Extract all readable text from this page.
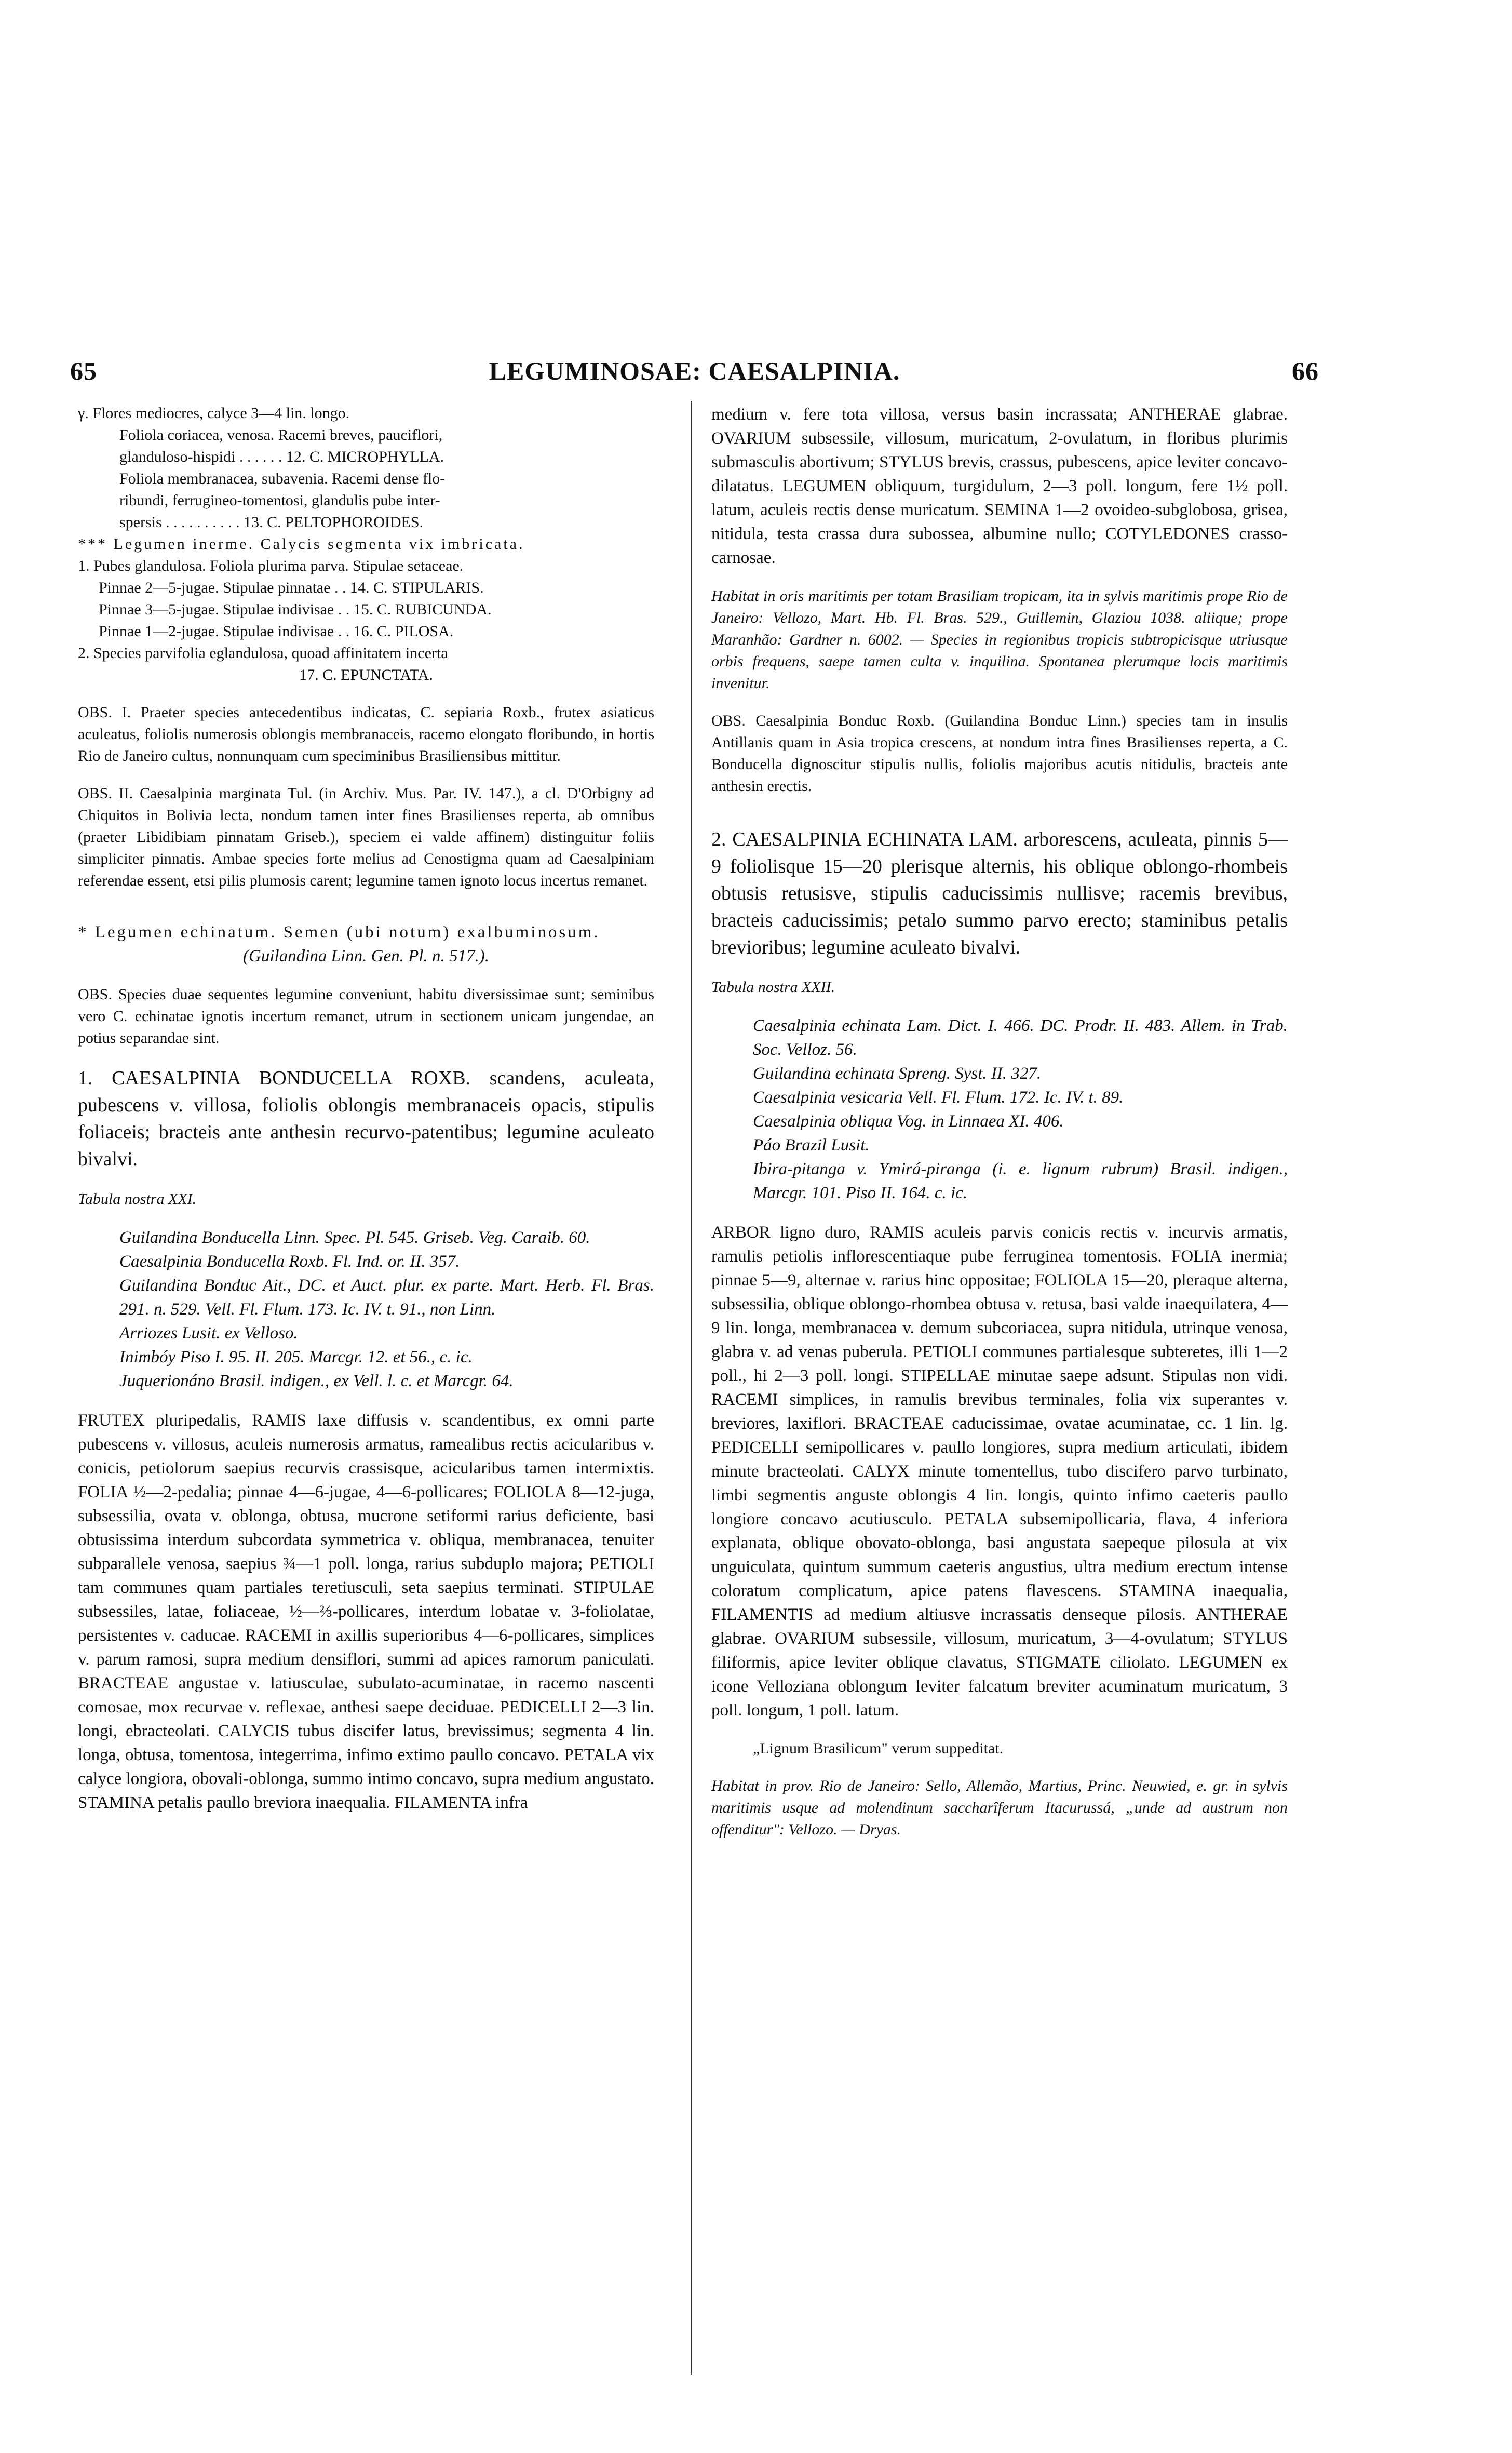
65	LEGUMINOSAE: CAESALPINIA.	66

γ. Flores mediocres, calyce 3—4 lin. longo.

Foliola coriacea, venosa. Racemi breves, pauciflori,

glanduloso-hispidi . . . . . . 12. C. MICROPHYLLA.

Foliola membranacea, subavenia. Racemi dense flo-

ribundi, ferrugineo-tomentosi, glandulis pube inter-

spersis . . . . . . . . . . 13. C. PELTOPHOROIDES.

*** Legumen inerme. Calycis segmenta vix imbricata.

1. Pubes glandulosa. Foliola plurima parva. Stipulae setaceae.

Pinnae 2—5-jugae. Stipulae pinnatae . . 14. C. STIPULARIS.

Pinnae 3—5-jugae. Stipulae indivisae . . 15. C. RUBICUNDA.

Pinnae 1—2-jugae. Stipulae indivisae . . 16. C. PILOSA.

2. Species parvifolia eglandulosa, quoad affinitatem incerta

17. C. EPUNCTATA.

OBS. I. Praeter species antecedentibus indicatas, C. sepiaria Roxb., frutex asiaticus aculeatus, foliolis numerosis oblongis membranaceis, racemo elongato floribundo, in hortis Rio de Janeiro cultus, nonnunquam cum speciminibus Brasiliensibus mittitur.

OBS. II. Caesalpinia marginata Tul. (in Archiv. Mus. Par. IV. 147.), a cl. D'Orbigny ad Chiquitos in Bolivia lecta, nondum tamen inter fines Brasilienses reperta, ab omnibus (praeter Libidibiam pinnatam Griseb.), speciem ei valde affinem) distinguitur foliis simpliciter pinnatis. Ambae species forte melius ad Cenostigma quam ad Caesalpiniam referendae essent, etsi pilis plumosis carent; legumine tamen ignoto locus incertus remanet.

* Legumen echinatum. Semen (ubi notum) exalbuminosum.

(Guilandina Linn. Gen. Pl. n. 517.).

OBS. Species duae sequentes legumine conveniunt, habitu diversissimae sunt; seminibus vero C. echinatae ignotis incertum remanet, utrum in sectionem unicam jungendae, an potius separandae sint.

1. CAESALPINIA BONDUCELLA ROXB. scandens, aculeata, pubescens v. villosa, foliolis oblongis membranaceis opacis, stipulis foliaceis; bracteis ante anthesin recurvo-patentibus; legumine aculeato bivalvi.

Tabula nostra XXI.

Guilandina Bonducella Linn. Spec. Pl. 545. Griseb. Veg. Caraib. 60.

Caesalpinia Bonducella Roxb. Fl. Ind. or. II. 357.

Guilandina Bonduc Ait., DC. et Auct. plur. ex parte. Mart. Herb. Fl. Bras. 291. n. 529. Vell. Fl. Flum. 173. Ic. IV. t. 91., non Linn.

Arriozes Lusit. ex Velloso.

Inimbóy Piso I. 95. II. 205. Marcgr. 12. et 56., c. ic.

Juquerionáno Brasil. indigen., ex Vell. l. c. et Marcgr. 64.

FRUTEX pluripedalis, RAMIS laxe diffusis v. scandentibus, ex omni parte pubescens v. villosus, aculeis numerosis armatus, ramealibus rectis acicularibus v. conicis, petiolorum saepius recurvis crassisque, acicularibus tamen intermixtis. FOLIA ½—2-pedalia; pinnae 4—6-jugae, 4—6-pollicares; FOLIOLA 8—12-juga, subsessilia, ovata v. oblonga, obtusa, mucrone setiformi rarius deficiente, basi obtusissima interdum subcordata symmetrica v. obliqua, membranacea, tenuiter subparallele venosa, saepius ¾—1 poll. longa, rarius subduplo majora; PETIOLI tam communes quam partiales teretiusculi, seta saepius terminati. STIPULAE subsessiles, latae, foliaceae, ½—⅔-pollicares, interdum lobatae v. 3-foliolatae, persistentes v. caducae. RACEMI in axillis superioribus 4—6-pollicares, simplices v. parum ramosi, supra medium densiflori, summi ad apices ramorum paniculati. BRACTEAE angustae v. latiusculae, subulato-acuminatae, in racemo nascenti comosae, mox recurvae v. reflexae, anthesi saepe deciduae. PEDICELLI 2—3 lin. longi, ebracteolati. CALYCIS tubus discifer latus, brevissimus; segmenta 4 lin. longa, obtusa, tomentosa, integerrima, infimo extimo paullo concavo. PETALA vix calyce longiora, obovali-oblonga, summo intimo concavo, supra medium angustato. STAMINA petalis paullo breviora inaequalia. FILAMENTA infra

medium v. fere tota villosa, versus basin incrassata; ANTHERAE glabrae. OVARIUM subsessile, villosum, muricatum, 2-ovulatum, in floribus plurimis submasculis abortivum; STYLUS brevis, crassus, pubescens, apice leviter concavo-dilatatus. LEGUMEN obliquum, turgidulum, 2—3 poll. longum, fere 1½ poll. latum, aculeis rectis dense muricatum. SEMINA 1—2 ovoideo-subglobosa, grisea, nitidula, testa crassa dura subossea, albumine nullo; COTYLEDONES crasso-carnosae.

Habitat in oris maritimis per totam Brasiliam tropicam, ita in sylvis maritimis prope Rio de Janeiro: Vellozo, Mart. Hb. Fl. Bras. 529., Guillemin, Glaziou 1038. aliique; prope Maranhão: Gardner n. 6002. — Species in regionibus tropicis subtropicisque utriusque orbis frequens, saepe tamen culta v. inquilina. Spontanea plerumque locis maritimis invenitur.

OBS. Caesalpinia Bonduc Roxb. (Guilandina Bonduc Linn.) species tam in insulis Antillanis quam in Asia tropica crescens, at nondum intra fines Brasilienses reperta, a C. Bonducella dignoscitur stipulis nullis, foliolis majoribus acutis nitidulis, bracteis ante anthesin erectis.

2. CAESALPINIA ECHINATA LAM. arborescens, aculeata, pinnis 5—9 foliolisque 15—20 plerisque alternis, his oblique oblongo-rhombeis obtusis retusisve, stipulis caducissimis nullisve; racemis brevibus, bracteis caducissimis; petalo summo parvo erecto; staminibus petalis brevioribus; legumine aculeato bivalvi.

Tabula nostra XXII.

Caesalpinia echinata Lam. Dict. I. 466. DC. Prodr. II. 483. Allem. in Trab. Soc. Velloz. 56.

Guilandina echinata Spreng. Syst. II. 327.

Caesalpinia vesicaria Vell. Fl. Flum. 172. Ic. IV. t. 89.

Caesalpinia obliqua Vog. in Linnaea XI. 406.

Páo Brazil Lusit.

Ibira-pitanga v. Ymirá-piranga (i. e. lignum rubrum) Brasil. indigen., Marcgr. 101. Piso II. 164. c. ic.

ARBOR ligno duro, RAMIS aculeis parvis conicis rectis v. incurvis armatis, ramulis petiolis inflorescentiaque pube ferruginea tomentosis. FOLIA inermia; pinnae 5—9, alternae v. rarius hinc oppositae; FOLIOLA 15—20, pleraque alterna, subsessilia, oblique oblongo-rhombea obtusa v. retusa, basi valde inaequilatera, 4—9 lin. longa, membranacea v. demum subcoriacea, supra nitidula, utrinque venosa, glabra v. ad venas puberula. PETIOLI communes partialesque subteretes, illi 1—2 poll., hi 2—3 poll. longi. STIPELLAE minutae saepe adsunt. Stipulas non vidi. RACEMI simplices, in ramulis brevibus terminales, folia vix superantes v. breviores, laxiflori. BRACTEAE caducissimae, ovatae acuminatae, cc. 1 lin. lg. PEDICELLI semipollicares v. paullo longiores, supra medium articulati, ibidem minute bracteolati. CALYX minute tomentellus, tubo discifero parvo turbinato, limbi segmentis anguste oblongis 4 lin. longis, quinto infimo caeteris paullo longiore concavo acutiusculo. PETALA subsemipollicaria, flava, 4 inferiora explanata, oblique obovato-oblonga, basi angustata saepeque pilosula at vix unguiculata, quintum summum caeteris angustius, ultra medium erectum intense coloratum complicatum, apice patens flavescens. STAMINA inaequalia, FILAMENTIS ad medium altiusve incrassatis denseque pilosis. ANTHERAE glabrae. OVARIUM subsessile, villosum, muricatum, 3—4-ovulatum; STYLUS filiformis, apice leviter oblique clavatus, STIGMATE ciliolato. LEGUMEN ex icone Velloziana oblongum leviter falcatum breviter acuminatum muricatum, 3 poll. longum, 1 poll. latum.

„Lignum Brasilicum" verum suppeditat.

Habitat in prov. Rio de Janeiro: Sello, Allemão, Martius, Princ. Neuwied, e. gr. in sylvis maritimis usque ad molendinum saccharîferum Itacurussá, „unde ad austrum non offenditur": Vellozo. — Dryas.
